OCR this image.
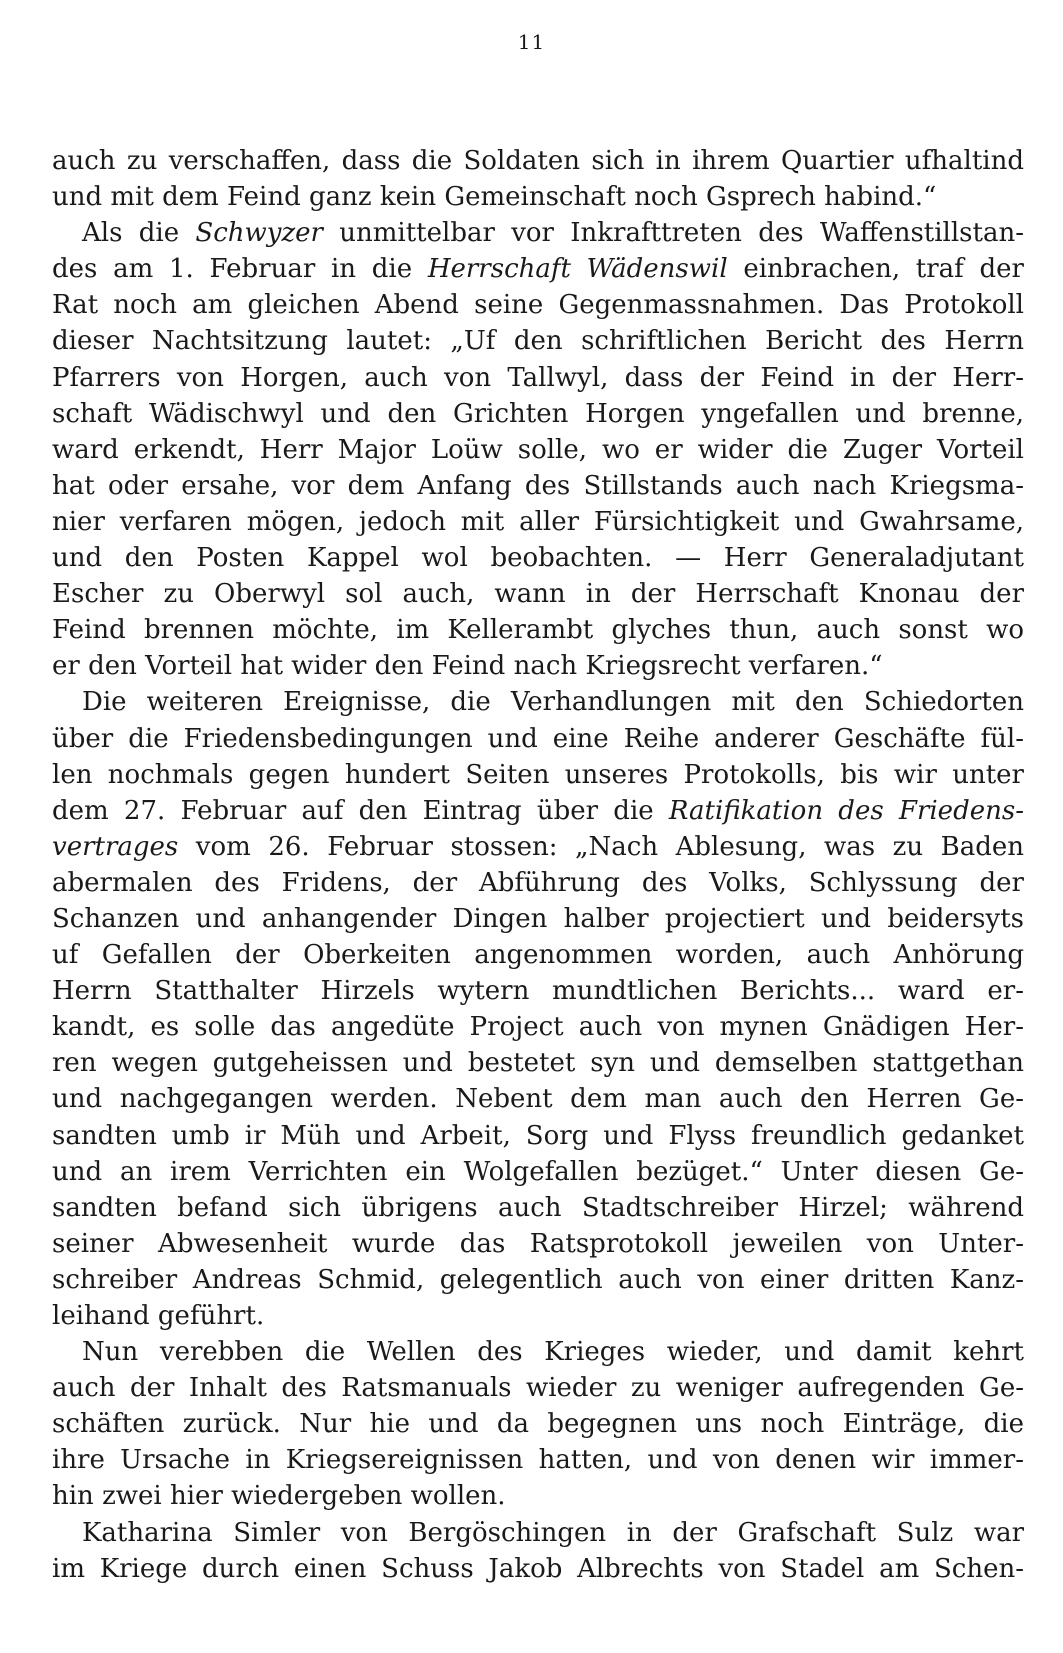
11
auch zu verschaffen, dass die Soldaten sich in ihrem Quartier ufhaltind
und mit dem Feind ganz kein Gemeinschaft noch Gsprech habind.“
Als die Schwyzer unmittelbar vor Inkrafttreten des Waffenstillstan-
des am 1. Februar in die Herrschaft Wädenswil einbrachen, traf der
Rat noch am gleichen Abend seine Gegenmassnahmen. Das Protokoll
dieser Nachtsitzung lautet: „Uf den schriftlichen Bericht des Herrn
Pfarrers von Horgen, auch von Tallwyl, dass der Feind in der Herr-
schaft Wädischwyl und den Grichten Horgen yngefallen und brenne,
ward erkendt, Herr Major Loüw solle, wo er wider die Zuger Vorteil
hat oder ersahe, vor dem Anfang des Stillstands auch nach Kriegsma-
nier verfaren mögen, jedoch mit aller Fürsichtigkeit und Gwahrsame,
und den Posten Kappel wol beobachten. — Herr Generaladjutant
Escher zu Oberwyl sol auch, wann in der Herrschaft Knonau der
Feind brennen möchte, im Kellerambt glyches thun, auch sonst wo
er den Vorteil hat wider den Feind nach Kriegsrecht verfaren.“
Die weiteren Ereignisse, die Verhandlungen mit den Schiedorten
über die Friedensbedingungen und eine Reihe anderer Geschäfte fül-
len nochmals gegen hundert Seiten unseres Protokolls, bis wir unter
dem 27. Februar auf den Eintrag über die Ratifikation des Friedens-
vertrages vom 26. Februar stossen: „Nach Ablesung, was zu Baden
abermalen des Fridens, der Abführung des Volks, Schlyssung der
Schanzen und anhangender Dingen halber projectiert und beidersyts
uf Gefallen der Oberkeiten angenommen worden, auch Anhörung
Herrn Statthalter Hirzels wytern mundtlichen Berichts... ward er-
kandt, es solle das angedüte Project auch von mynen Gnädigen Her-
ren wegen gutgeheissen und bestetet syn und demselben stattgethan
und nachgegangen werden. Nebent dem man auch den Herren Ge-
sandten umb ir Müh und Arbeit, Sorg und Flyss freundlich gedanket
und an irem Verrichten ein Wolgefallen bezüget.“ Unter diesen Ge-
sandten befand sich übrigens auch Stadtschreiber Hirzel; während
seiner Abwesenheit wurde das Ratsprotokoll jeweilen von Unter-
schreiber Andreas Schmid, gelegentlich auch von einer dritten Kanz-
leihand geführt.
Nun verebben die Wellen des Krieges wieder, und damit kehrt
auch der Inhalt des Ratsmanuals wieder zu weniger aufregenden Ge-
schäften zurück. Nur hie und da begegnen uns noch Einträge, die
ihre Ursache in Kriegsereignissen hatten, und von denen wir immer-
hin zwei hier wiedergeben wollen.
Katharina Simler von Bergöschingen in der Grafschaft Sulz war
im Kriege durch einen Schuss Jakob Albrechts von Stadel am Schen-
